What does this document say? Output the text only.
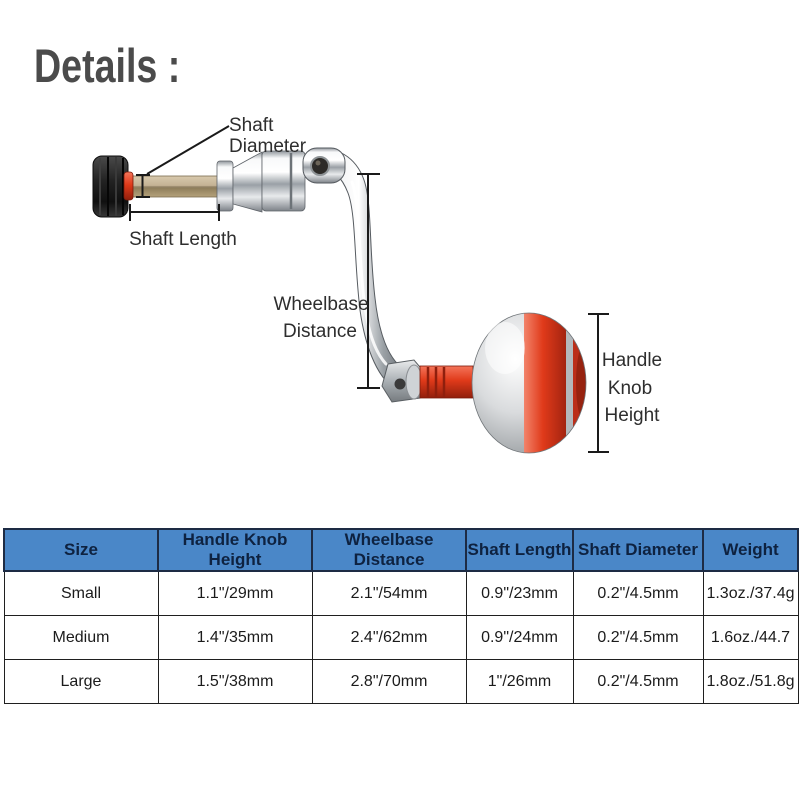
Details :
Shaft
Diameter
Shaft Length
Wheelbase
Distance
Handle
Knob
Height
Size	Handle Knob Height	Wheelbase Distance	Shaft Length	Shaft Diameter	Weight
Small	1.1"/29mm	2.1"/54mm	0.9"/23mm	0.2"/4.5mm	1.3oz./37.4g
Medium	1.4"/35mm	2.4"/62mm	0.9"/24mm	0.2"/4.5mm	1.6oz./44.7
Large	1.5"/38mm	2.8"/70mm	1"/26mm	0.2"/4.5mm	1.8oz./51.8g
